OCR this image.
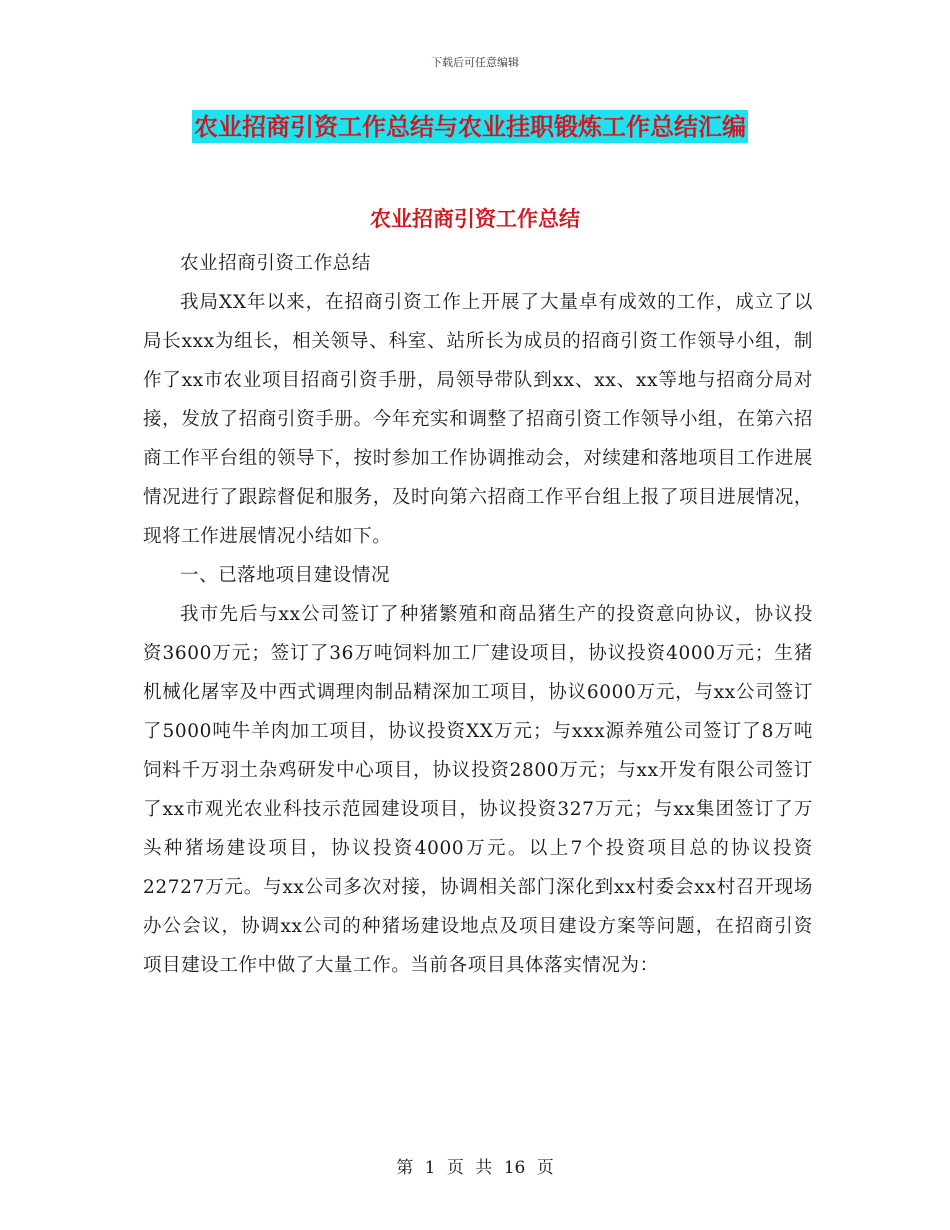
下载后可任意编辑
农业招商引资工作总结与农业挂职锻炼工作总结汇编
农业招商引资工作总结

农业招商引资工作总结

我局XX年以来，在招商引资工作上开展了大量卓有成效的工作，成立了以局长xxx为组长，相关领导、科室、站所长为成员的招商引资工作领导小组，制作了xx市农业项目招商引资手册，局领导带队到xx、xx、xx等地与招商分局对接，发放了招商引资手册。今年充实和调整了招商引资工作领导小组，在第六招商工作平台组的领导下，按时参加工作协调推动会，对续建和落地项目工作进展情况进行了跟踪督促和服务，及时向第六招商工作平台组上报了项目进展情况，现将工作进展情况小结如下。

一、已落地项目建设情况

我市先后与xx公司签订了种猪繁殖和商品猪生产的投资意向协议，协议投资3600万元；签订了36万吨饲料加工厂建设项目，协议投资4000万元；生猪机械化屠宰及中西式调理肉制品精深加工项目，协议6000万元，与xx公司签订了5000吨牛羊肉加工项目，协议投资XX万元；与xxx源养殖公司签订了8万吨饲料千万羽土杂鸡研发中心项目，协议投资2800万元；与xx开发有限公司签订了xx市观光农业科技示范园建设项目，协议投资327万元；与xx集团签订了万头种猪场建设项目，协议投资4000万元。以上7个投资项目总的协议投资22727万元。与xx公司多次对接，协调相关部门深化到xx村委会xx村召开现场办公会议，协调xx公司的种猪场建设地点及项目建设方案等问题，在招商引资项目建设工作中做了大量工作。当前各项目具体落实情况为：

第 1 页 共 16 页
